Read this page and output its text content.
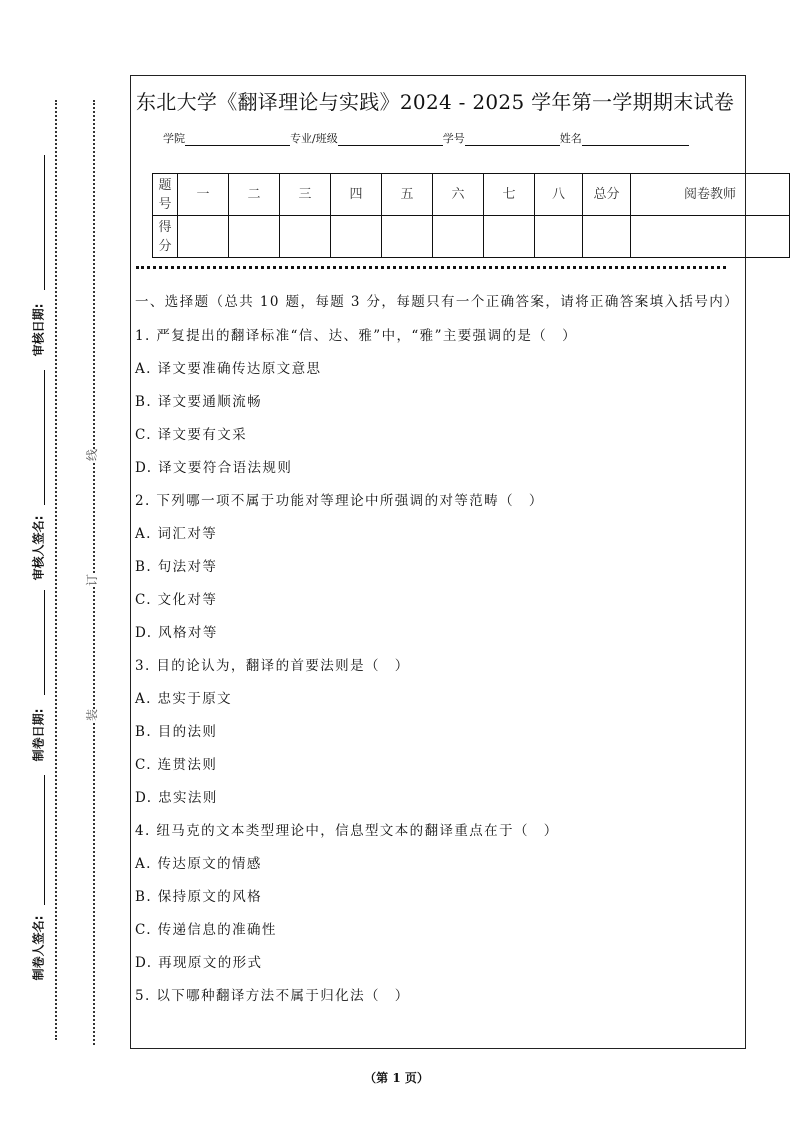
审核日期:
审核人签名:
制卷日期:
制卷人签名:
线
订
装
东北大学《翻译理论与实践》2024 - 2025 学年第一学期期末试卷
学院	专业/班级	学号	姓名
题号	一	二	三	四	五	六	七	八	总分	阅卷教师
得分										
一、选择题（总共 10 题，每题 3 分，每题只有一个正确答案，请将正确答案填入括号内）
1. 严复提出的翻译标准“信、达、雅”中，“雅”主要强调的是（　）
A. 译文要准确传达原文意思
B. 译文要通顺流畅
C. 译文要有文采
D. 译文要符合语法规则
2. 下列哪一项不属于功能对等理论中所强调的对等范畴（　）
A. 词汇对等
B. 句法对等
C. 文化对等
D. 风格对等
3. 目的论认为，翻译的首要法则是（　）
A. 忠实于原文
B. 目的法则
C. 连贯法则
D. 忠实法则
4. 纽马克的文本类型理论中，信息型文本的翻译重点在于（　）
A. 传达原文的情感
B. 保持原文的风格
C. 传递信息的准确性
D. 再现原文的形式
5. 以下哪种翻译方法不属于归化法（　）
（第 1 页）
